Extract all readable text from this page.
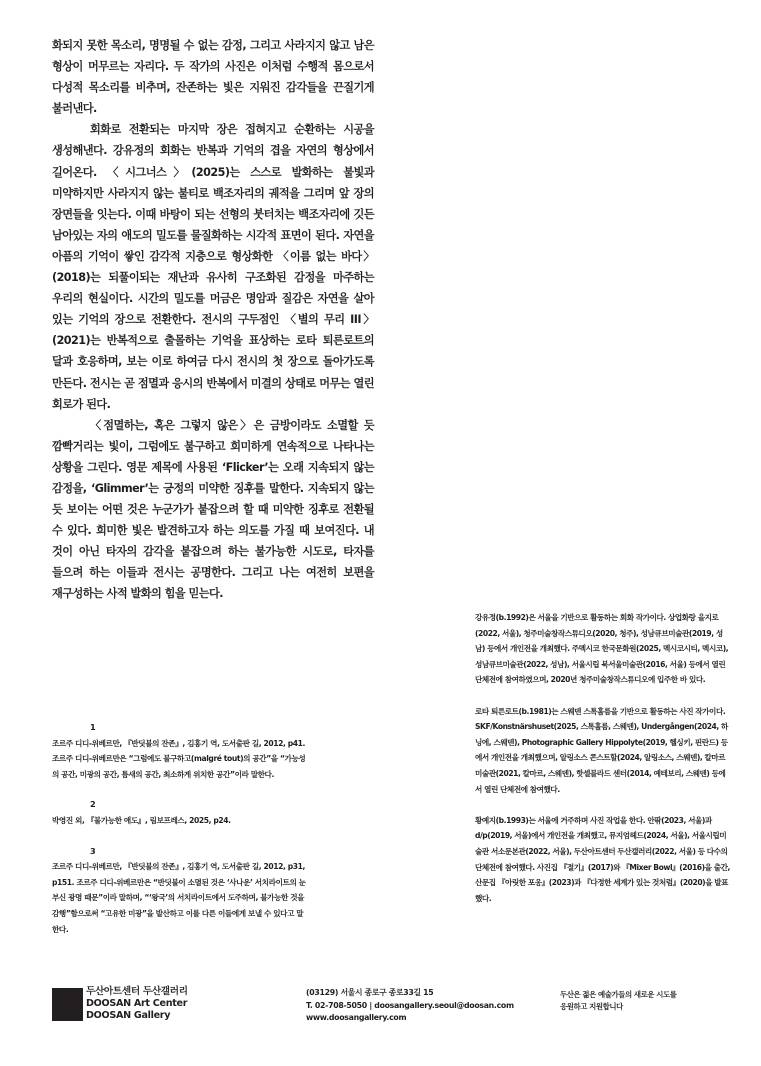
화되지 못한 목소리, 명명될 수 없는 감정, 그리고 사라지지 않고 남은 형상이 머무르는 자리다. 두 작가의 사진은 이처럼 수행적 몸으로서 다성적 목소리를 비추며, 잔존하는 빛은 지워진 감각들을 끈질기게 불러낸다.

회화로 전환되는 마지막 장은 접혀지고 순환하는 시공을 생성해낸다. 강유정의 회화는 반복과 기억의 겹을 자연의 형상에서 길어온다. 〈시그너스〉(2025)는 스스로 발화하는 불빛과 미약하지만 사라지지 않는 불티로 백조자리의 궤적을 그리며 앞 장의 장면들을 잇는다. 이때 바탕이 되는 선형의 붓터치는 백조자리에 깃든 남아있는 자의 애도의 밀도를 물질화하는 시각적 표면이 된다. 자연을 아픔의 기억이 쌓인 감각적 지층으로 형상화한 〈이름 없는 바다〉(2018)는 되풀이되는 재난과 유사히 구조화된 감정을 마주하는 우리의 현실이다. 시간의 밀도를 머금은 명암과 질감은 자연을 살아 있는 기억의 장으로 전환한다. 전시의 구두점인 〈별의 무리 III〉(2021)는 반복적으로 출몰하는 기억을 표상하는 로타 퇴른로트의 달과 호응하며, 보는 이로 하여금 다시 전시의 첫 장으로 돌아가도록 만든다. 전시는 곧 점멸과 응시의 반복에서 미결의 상태로 머무는 열린 회로가 된다.

〈점멸하는, 혹은 그렇지 않은〉은 금방이라도 소멸할 듯 깜빡거리는 빛이, 그럼에도 불구하고 희미하게 연속적으로 나타나는 상황을 그린다. 영문 제목에 사용된 ‘Flicker’는 오래 지속되지 않는 감정을, ‘Glimmer’는 긍정의 미약한 징후를 말한다. 지속되지 않는 듯 보이는 어떤 것은 누군가가 붙잡으려 할 때 미약한 징후로 전환될 수 있다. 희미한 빛은 발견하고자 하는 의도를 가질 때 보여진다. 내 것이 아닌 타자의 감각을 붙잡으려 하는 불가능한 시도로, 타자를 들으려 하는 이들과 전시는 공명한다. 그리고 나는 여전히 보편을 재구성하는 사적 발화의 힘을 믿는다.

1
조르주 디디-위베르만, 『반딧불의 잔존』, 김홍기 역, 도서출판 길, 2012, p41. 조르주 디디-위베르만은 “그럼에도 불구하고(malgré tout)의 공간”을 “가능성의 공간, 미광의 공간, 틈새의 공간, 최소하게 위치한 공간”이라 말한다.
2
박영진 외, 『불가능한 애도』, 림보프레스, 2025, p24.
3
조르주 디디-위베르만, 『반딧불의 잔존』, 김홍기 역, 도서출판 길, 2012, p31, p151. 조르주 디디-위베르만은 “반딧불이 소멸된 것은 ‘사나운’ 서치라이트의 눈부신 광명 때문”이라 말하며, “‘왕국’의 서치라이트에서 도주하며, 불가능한 것을 감행”함으로써 “고유한 미광”을 발산하고 이를 다른 이들에게 보낼 수 있다고 말한다.

강유정(b.1992)은 서울을 기반으로 활동하는 회화 작가이다. 상업화랑 을지로(2022, 서울), 청주미술창작스튜디오(2020, 청주), 성남큐브미술관(2019, 성남) 등에서 개인전을 개최했다. 주멕시코 한국문화원(2025, 멕시코시티, 멕시코), 성남큐브미술관(2022, 성남), 서울시립 북서울미술관(2016, 서울) 등에서 열린 단체전에 참여하였으며, 2020년 청주미술창작스튜디오에 입주한 바 있다.

로타 퇴른로트(b.1981)는 스웨덴 스톡홀름을 기반으로 활동하는 사진 작가이다. SKF/Konstnärshuset(2025, 스톡홀름, 스웨덴), Undergången(2024, 하닝에, 스웨덴), Photographic Gallery Hippolyte(2019, 헬싱키, 핀란드) 등에서 개인전을 개최했으며, 알링소스 콘스트할(2024, 알링소스, 스웨덴), 칼마르 미술관(2021, 칼마르, 스웨덴), 핫셀블라드 센터(2014, 예테보리, 스웨덴) 등에서 열린 단체전에 참여했다.

황예지(b.1993)는 서울에 거주하며 사진 작업을 한다. 안팎(2023, 서울)과 d/p(2019, 서울)에서 개인전을 개최했고, 뮤지엄헤드(2024, 서울), 서울시립미술관 서소문본관(2022, 서울), 두산아트센터 두산갤러리(2022, 서울) 등 다수의 단체전에 참여했다. 사진집 『절기』(2017)와 『Mixer Bowl』(2016)을 출간, 산문집 『아릿한 포옹』(2023)과 『다정한 세계가 있는 것처럼』(2020)을 발표했다.

두산아트센터 두산갤러리
DOOSAN Art Center
DOOSAN Gallery
(03129) 서울시 종로구 종로33길 15
T. 02-708-5050 | doosangallery.seoul@doosan.com
www.doosangallery.com
두산은 젊은 예술가들의 새로운 시도를
응원하고 지원합니다
